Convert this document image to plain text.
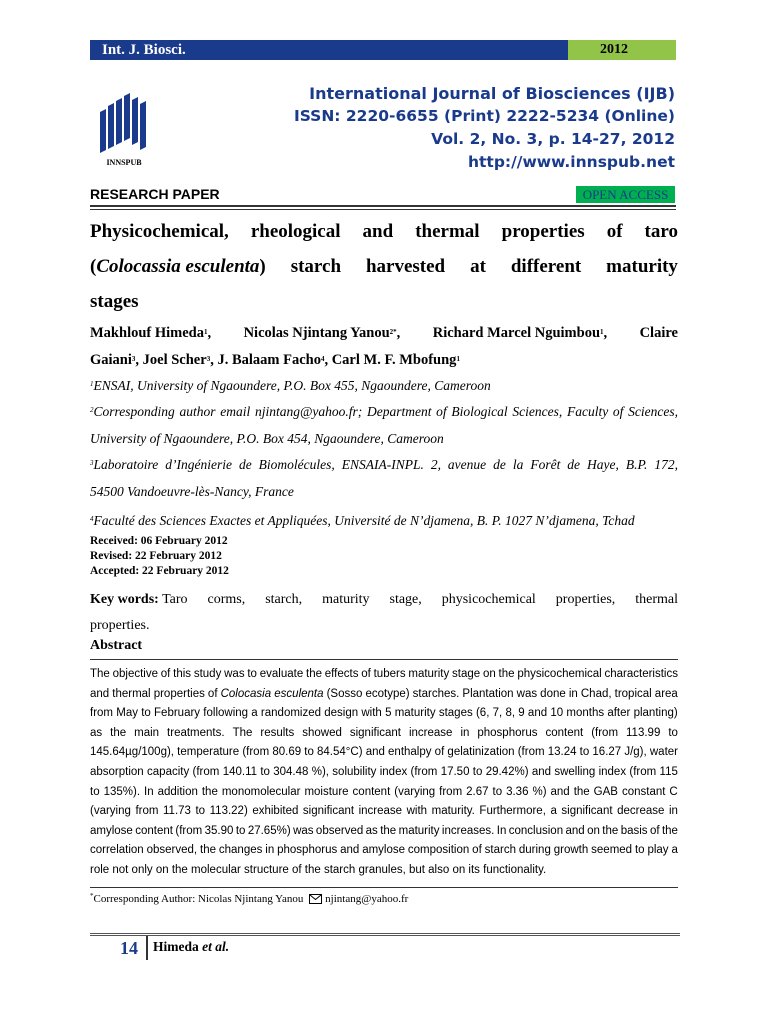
Int. J. Biosci.	2012
INNSPUB
International Journal of Biosciences (IJB)
ISSN: 2220-6655 (Print) 2222-5234 (Online)
Vol. 2, No. 3, p. 14-27, 2012
http://www.innspub.net
RESEARCH PAPER	OPEN ACCESS
Physicochemical, rheological and thermal properties of taro
(Colocassia esculenta) starch harvested at different maturity
stages
Makhlouf Himeda$^1$, Nicolas Njintang Yanou$^{2*}$, Richard Marcel Nguimbou$^1$, Claire
Gaiani$^3$, Joel Scher$^3$, J. Balaam Facho$^4$, Carl M. F. Mbofung$^1$
$^1$ENSAI, University of Ngaoundere, P.O. Box 455, Ngaoundere, Cameroon
$^2$Corresponding author email njintang@yahoo.fr; Department of Biological Sciences, Faculty of Sciences,
University of Ngaoundere, P.O. Box 454, Ngaoundere, Cameroon
$^3$Laboratoire d’Ingénierie de Biomolécules, ENSAIA-INPL. 2, avenue de la Forêt de Haye, B.P. 172,
54500 Vandoeuvre-lès-Nancy, France
$^4$Faculté des Sciences Exactes et Appliquées, Université de N’djamena, B. P. 1027 N’djamena, Tchad
Received: 06 February 2012
Revised: 22 February 2012
Accepted: 22 February 2012
Key words: Taro corms, starch, maturity stage, physicochemical properties, thermal
properties.
Abstract
The objective of this study was to evaluate the effects of tubers maturity stage on the physicochemical characteristics
and thermal properties of Colocasia esculenta (Sosso ecotype) starches. Plantation was done in Chad, tropical area
from May to February following a randomized design with 5 maturity stages (6, 7, 8, 9 and 10 months after planting)
as the main treatments. The results showed significant increase in phosphorus content (from 113.99 to
145.64µg/100g), temperature (from 80.69 to 84.54°C) and enthalpy of gelatinization (from 13.24 to 16.27 J/g), water
absorption capacity (from 140.11 to 304.48 %), solubility index (from 17.50 to 29.42%) and swelling index (from 115
to 135%). In addition the monomolecular moisture content (varying from 2.67 to 3.36 %) and the GAB constant C
(varying from 11.73 to 113.22) exhibited significant increase with maturity. Furthermore, a significant decrease in
amylose content (from 35.90 to 27.65%) was observed as the maturity increases. In conclusion and on the basis of the
correlation observed, the changes in phosphorus and amylose composition of starch during growth seemed to play a
role not only on the molecular structure of the starch granules, but also on its functionality.
*Corresponding Author: Nicolas Njintang Yanou njintang@yahoo.fr
14	Himeda et al.
